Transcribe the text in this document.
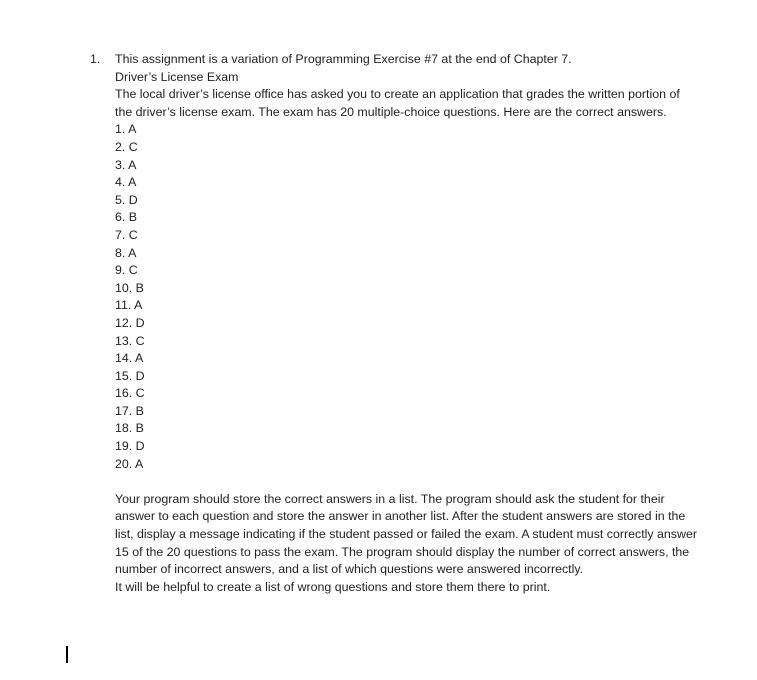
1. This assignment is a variation of Programming Exercise #7 at the end of Chapter 7.
Driver’s License Exam
The local driver’s license office has asked you to create an application that grades the written portion of the driver’s license exam. The exam has 20 multiple-choice questions. Here are the correct answers.
1. A
2. C
3. A
4. A
5. D
6. B
7. C
8. A
9. C
10. B
11. A
12. D
13. C
14. A
15. D
16. C
17. B
18. B
19. D
20. A
Your program should store the correct answers in a list. The program should ask the student for their answer to each question and store the answer in another list. After the student answers are stored in the list, display a message indicating if the student passed or failed the exam. A student must correctly answer 15 of the 20 questions to pass the exam. The program should display the number of correct answers, the number of incorrect answers, and a list of which questions were answered incorrectly.
It will be helpful to create a list of wrong questions and store them there to print.
